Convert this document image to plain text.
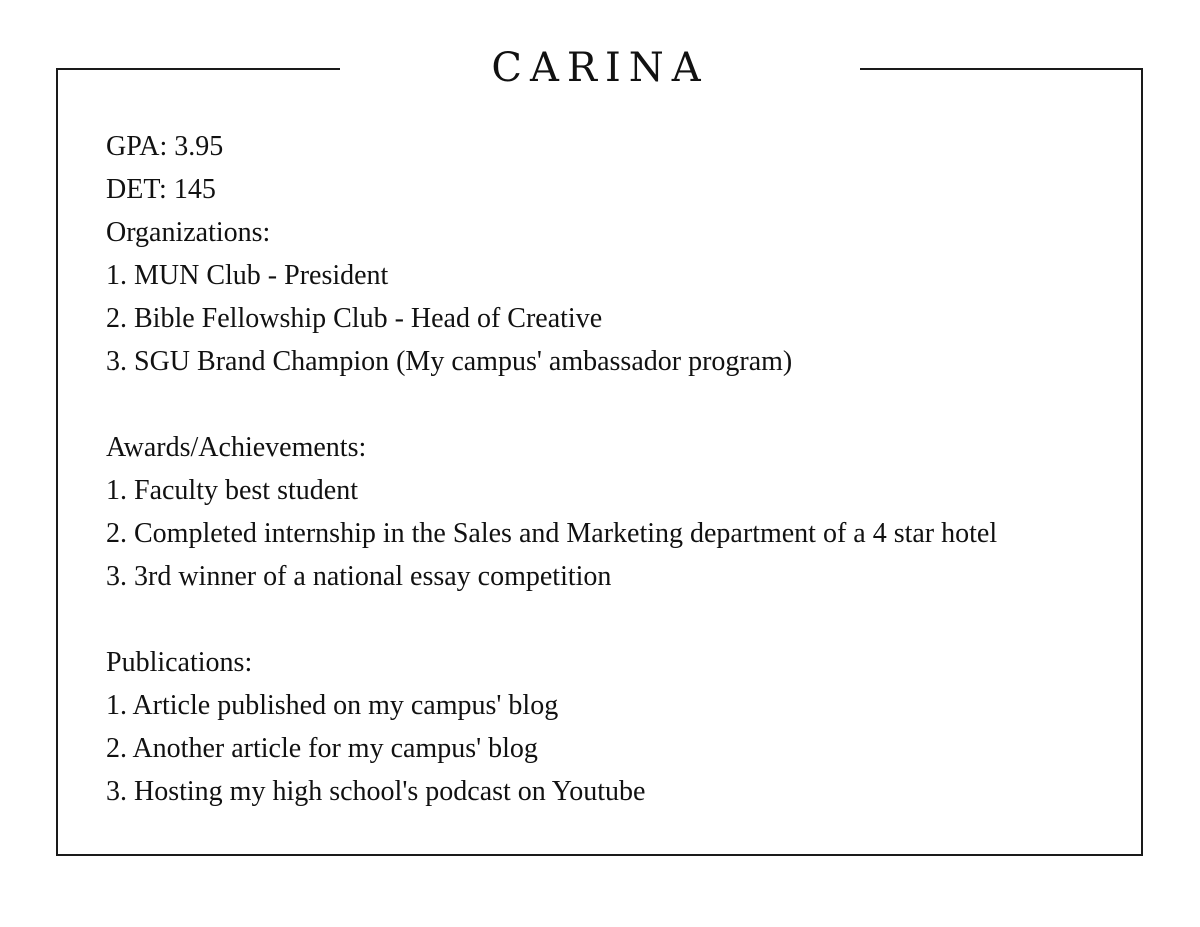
CARINA
GPA: 3.95
DET: 145
Organizations:
1. MUN Club - President
2. Bible Fellowship Club - Head of Creative
3. SGU Brand Champion (My campus' ambassador program)
Awards/Achievements:
1. Faculty best student
2. Completed internship in the Sales and Marketing department of a 4 star hotel
3. 3rd winner of a national essay competition
Publications:
1. Article published on my campus' blog
2. Another article for my campus' blog
3. Hosting my high school's podcast on Youtube
